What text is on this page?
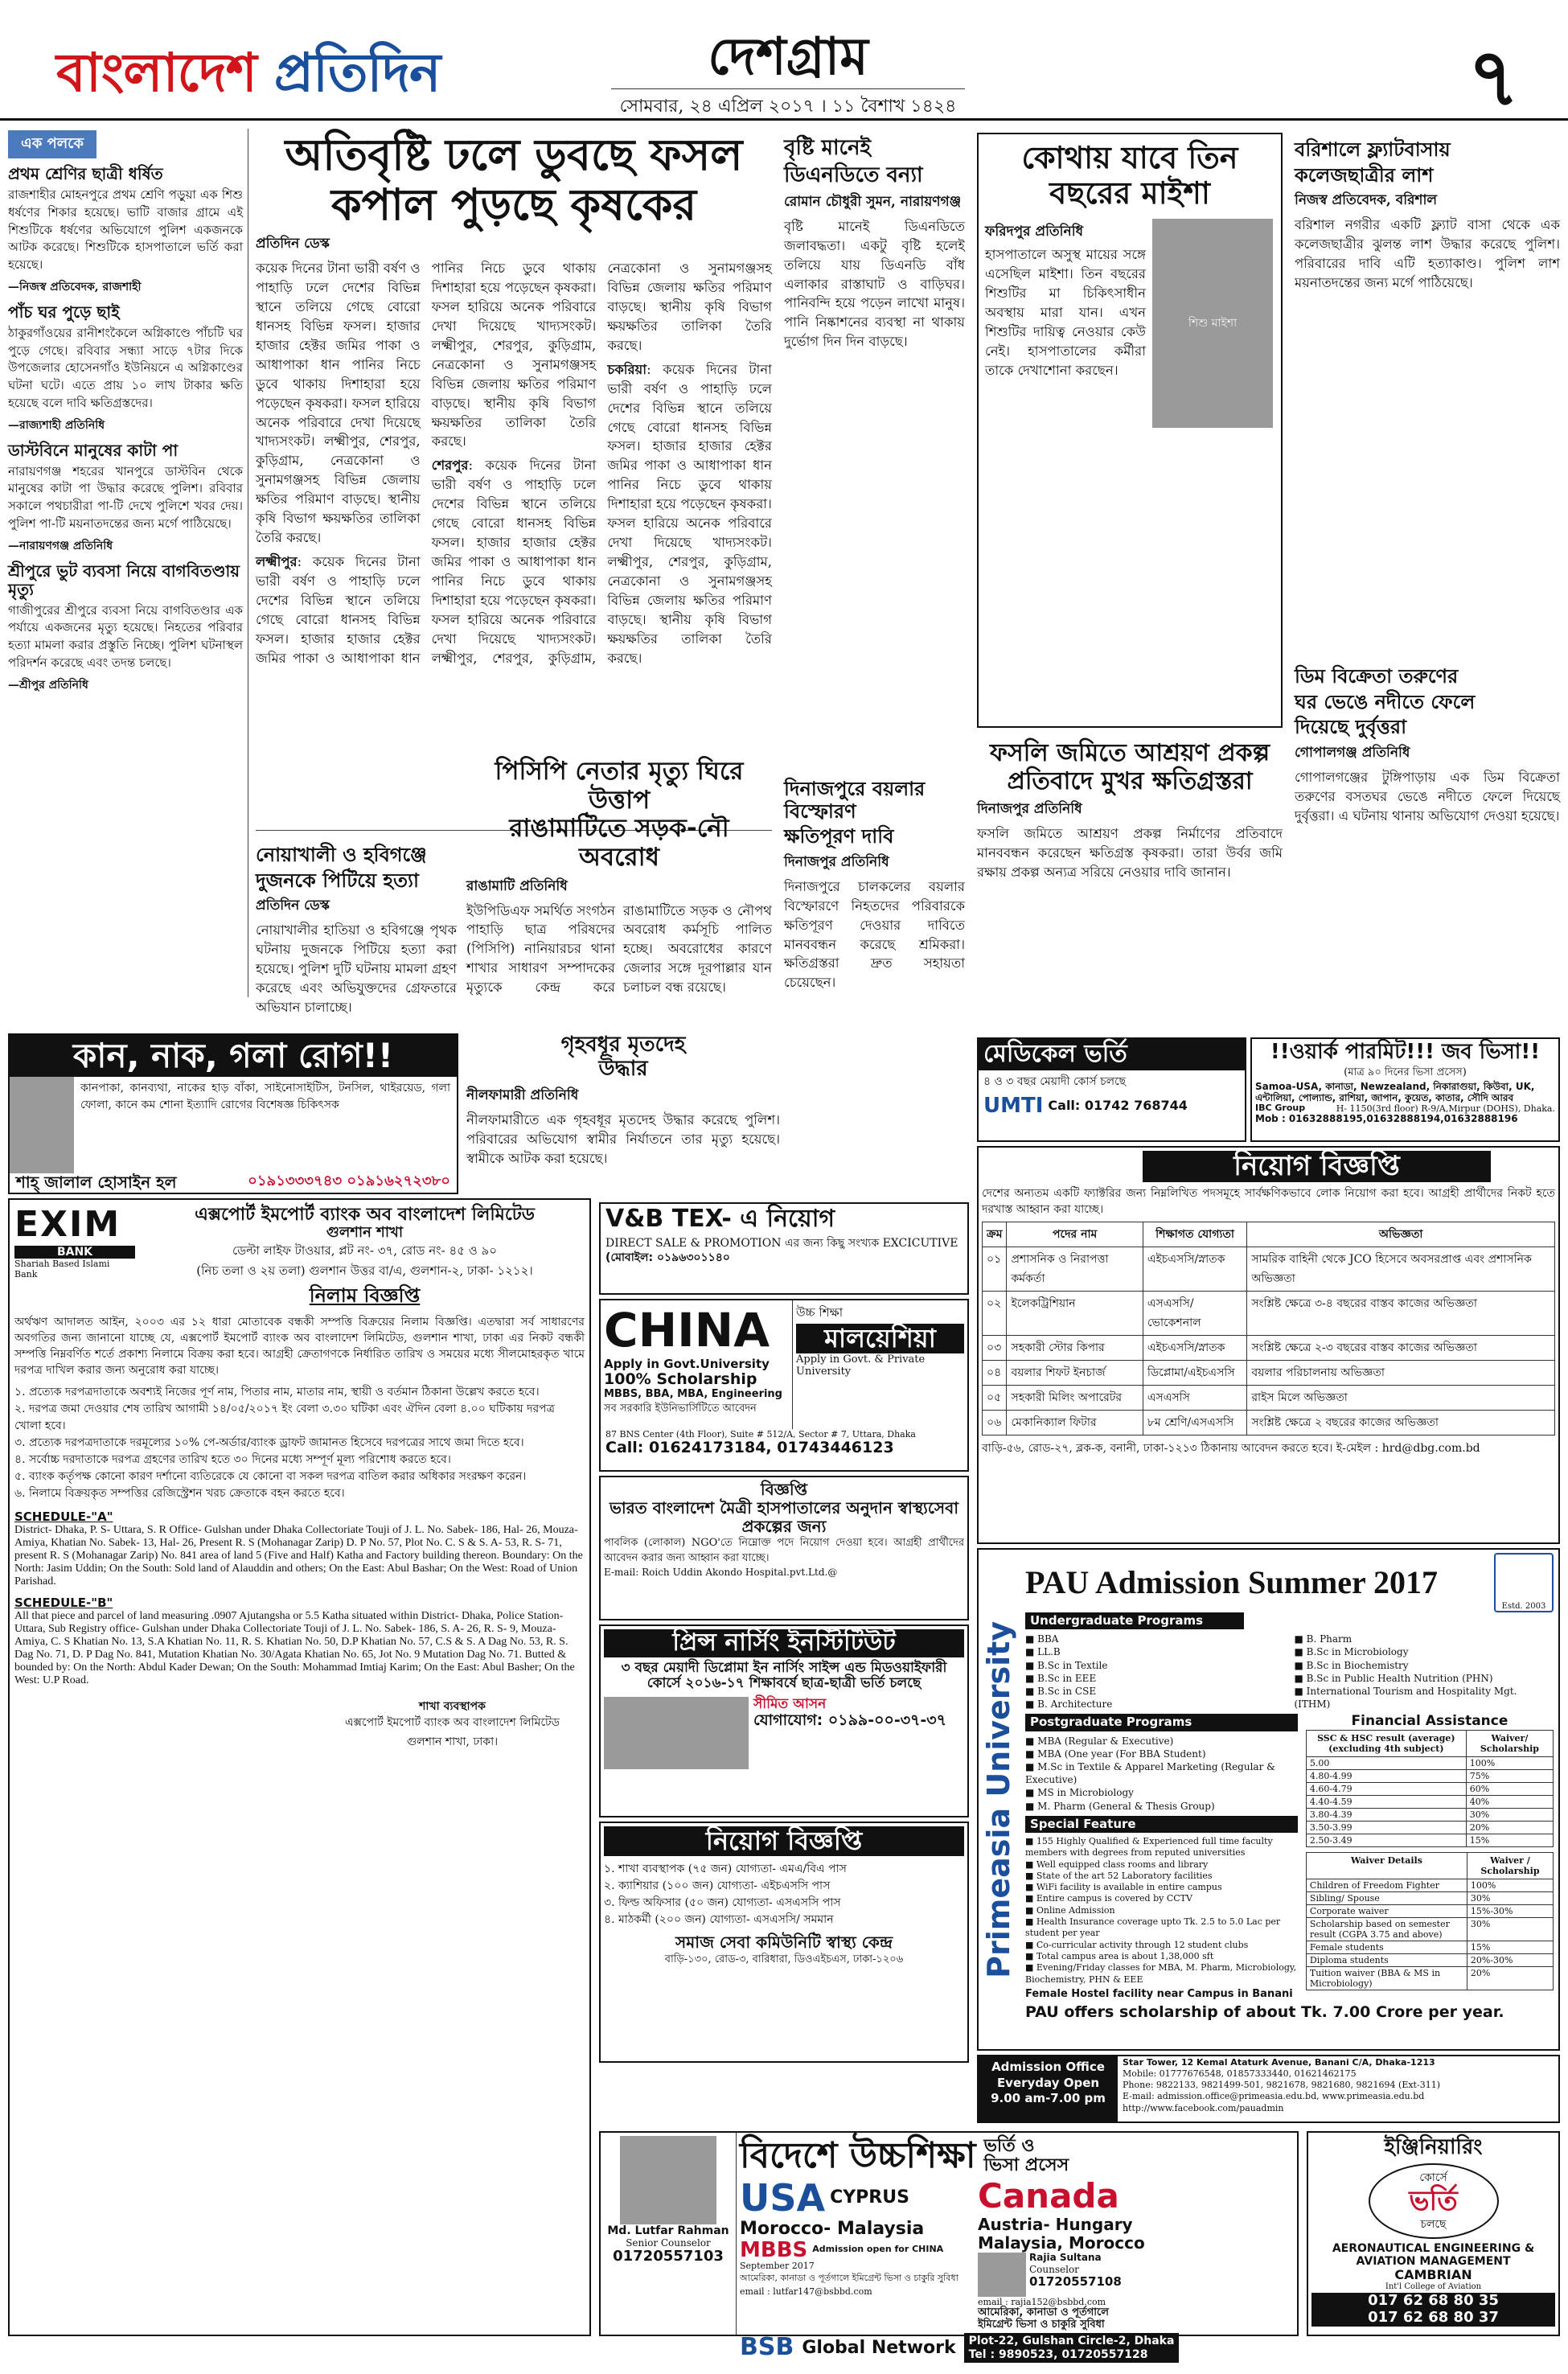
বাংলাদেশ প্রতিদিন	দেশগ্রাম
সোমবার, ২৪ এপ্রিল ২০১৭ । ১১ বৈশাখ ১৪২৪	৭
এক পলকে
প্রথম শ্রেণির ছাত্রী ধর্ষিত
রাজশাহীর মোহনপুরে প্রথম শ্রেণি পড়ুয়া এক শিশু ধর্ষণের শিকার হয়েছে। ভাটি বাজার গ্রামে এই শিশুটিকে ধর্ষণের অভিযোগে পুলিশ একজনকে আটক করেছে। শিশুটিকে হাসপাতালে ভর্তি করা হয়েছে।
—নিজস্ব প্রতিবেদক, রাজশাহী
পাঁচ ঘর পুড়ে ছাই
ঠাকুরগাঁওয়ের রানীশংকৈলে অগ্নিকাণ্ডে পাঁচটি ঘর পুড়ে গেছে। রবিবার সন্ধ্যা সাড়ে ৭টার দিকে উপজেলার হোসেনগাঁও ইউনিয়নে এ অগ্নিকাণ্ডের ঘটনা ঘটে। এতে প্রায় ১০ লাখ টাকার ক্ষতি হয়েছে বলে দাবি ক্ষতিগ্রস্তদের।
—রাজ্যশাহী প্রতিনিধি
ডাস্টবিনে মানুষের কাটা পা
নারায়ণগঞ্জ শহরের খানপুরে ডাস্টবিন থেকে মানুষের কাটা পা উদ্ধার করেছে পুলিশ। রবিবার সকালে পথচারীরা পা-টি দেখে পুলিশে খবর দেয়। পুলিশ পা-টি ময়নাতদন্তের জন্য মর্গে পাঠিয়েছে।
—নারায়ণগঞ্জ প্রতিনিধি
শ্রীপুরে ভুট ব্যবসা নিয়ে বাগবিতণ্ডায় মৃত্যু
গাজীপুরের শ্রীপুরে ব্যবসা নিয়ে বাগবিতণ্ডার এক পর্যায়ে একজনের মৃত্যু হয়েছে। নিহতের পরিবার হত্যা মামলা করার প্রস্তুতি নিচ্ছে। পুলিশ ঘটনাস্থল পরিদর্শন করেছে এবং তদন্ত চলছে।
—শ্রীপুর প্রতিনিধি
অতিবৃষ্টি ঢলে ডুবছে ফসল
কপাল পুড়ছে কৃষকের
প্রতিদিন ডেস্ক

কয়েক দিনের টানা ভারী বর্ষণ ও পাহাড়ি ঢলে দেশের বিভিন্ন স্থানে তলিয়ে গেছে বোরো ধানসহ বিভিন্ন ফসল। হাজার হাজার হেক্টর জমির পাকা ও আধাপাকা ধান পানির নিচে ডুবে থাকায় দিশাহারা হয়ে পড়েছেন কৃষকরা। ফসল হারিয়ে অনেক পরিবারে দেখা দিয়েছে খাদ্যসংকট। লক্ষ্মীপুর, শেরপুর, কুড়িগ্রাম, নেত্রকোনা ও সুনামগঞ্জসহ বিভিন্ন জেলায় ক্ষতির পরিমাণ বাড়ছে। স্থানীয় কৃষি বিভাগ ক্ষয়ক্ষতির তালিকা তৈরি করছে।

লক্ষ্মীপুর: কয়েক দিনের টানা ভারী বর্ষণ ও পাহাড়ি ঢলে দেশের বিভিন্ন স্থানে তলিয়ে গেছে বোরো ধানসহ বিভিন্ন ফসল। হাজার হাজার হেক্টর জমির পাকা ও আধাপাকা ধান পানির নিচে ডুবে থাকায় দিশাহারা হয়ে পড়েছেন কৃষকরা। ফসল হারিয়ে অনেক পরিবারে দেখা দিয়েছে খাদ্যসংকট। লক্ষ্মীপুর, শেরপুর, কুড়িগ্রাম, নেত্রকোনা ও সুনামগঞ্জসহ বিভিন্ন জেলায় ক্ষতির পরিমাণ বাড়ছে। স্থানীয় কৃষি বিভাগ ক্ষয়ক্ষতির তালিকা তৈরি করছে।

শেরপুর: কয়েক দিনের টানা ভারী বর্ষণ ও পাহাড়ি ঢলে দেশের বিভিন্ন স্থানে তলিয়ে গেছে বোরো ধানসহ বিভিন্ন ফসল। হাজার হাজার হেক্টর জমির পাকা ও আধাপাকা ধান পানির নিচে ডুবে থাকায় দিশাহারা হয়ে পড়েছেন কৃষকরা। ফসল হারিয়ে অনেক পরিবারে দেখা দিয়েছে খাদ্যসংকট। লক্ষ্মীপুর, শেরপুর, কুড়িগ্রাম, নেত্রকোনা ও সুনামগঞ্জসহ বিভিন্ন জেলায় ক্ষতির পরিমাণ বাড়ছে। স্থানীয় কৃষি বিভাগ ক্ষয়ক্ষতির তালিকা তৈরি করছে।

চকরিয়া: কয়েক দিনের টানা ভারী বর্ষণ ও পাহাড়ি ঢলে দেশের বিভিন্ন স্থানে তলিয়ে গেছে বোরো ধানসহ বিভিন্ন ফসল। হাজার হাজার হেক্টর জমির পাকা ও আধাপাকা ধান পানির নিচে ডুবে থাকায় দিশাহারা হয়ে পড়েছেন কৃষকরা। ফসল হারিয়ে অনেক পরিবারে দেখা দিয়েছে খাদ্যসংকট। লক্ষ্মীপুর, শেরপুর, কুড়িগ্রাম, নেত্রকোনা ও সুনামগঞ্জসহ বিভিন্ন জেলায় ক্ষতির পরিমাণ বাড়ছে। স্থানীয় কৃষি বিভাগ ক্ষয়ক্ষতির তালিকা তৈরি করছে।

নোয়াখালী ও হবিগঞ্জে
দুজনকে পিটিয়ে হত্যা
প্রতিদিন ডেস্ক
নোয়াখালীর হাতিয়া ও হবিগঞ্জে পৃথক ঘটনায় দুজনকে পিটিয়ে হত্যা করা হয়েছে। পুলিশ দুটি ঘটনায় মামলা গ্রহণ করেছে এবং অভিযুক্তদের গ্রেফতারে অভিযান চালাচ্ছে।
পিসিপি নেতার মৃত্যু ঘিরে উত্তাপ
রাঙামাটিতে সড়ক-নৌ অবরোধ
রাঙামাটি প্রতিনিধি
ইউপিডিএফ সমর্থিত সংগঠন পাহাড়ি ছাত্র পরিষদের (পিসিপি) নানিয়ারচর থানা শাখার সাধারণ সম্পাদকের মৃত্যুকে কেন্দ্র করে রাঙামাটিতে সড়ক ও নৌপথ অবরোধ কর্মসূচি পালিত হচ্ছে। অবরোধের কারণে জেলার সঙ্গে দূরপাল্লার যান চলাচল বন্ধ রয়েছে।
বৃষ্টি মানেই
ডিএনডিতে বন্যা
রোমান চৌধুরী সুমন, নারায়ণগঞ্জ
বৃষ্টি মানেই ডিএনডিতে জলাবদ্ধতা। একটু বৃষ্টি হলেই তলিয়ে যায় ডিএনডি বাঁধ এলাকার রাস্তাঘাট ও বাড়িঘর। পানিবন্দি হয়ে পড়েন লাখো মানুষ। পানি নিষ্কাশনের ব্যবস্থা না থাকায় দুর্ভোগ দিন দিন বাড়ছে।
দিনাজপুরে বয়লার বিস্ফোরণ
ক্ষতিপূরণ দাবি
দিনাজপুর প্রতিনিধি
দিনাজপুরে চালকলের বয়লার বিস্ফোরণে নিহতদের পরিবারকে ক্ষতিপূরণ দেওয়ার দাবিতে মানববন্ধন করেছে শ্রমিকরা। ক্ষতিগ্রস্তরা দ্রুত সহায়তা চেয়েছেন।
কোথায় যাবে তিন
বছরের মাইশা
ফরিদপুর প্রতিনিধি
হাসপাতালে অসুস্থ মায়ের সঙ্গে এসেছিল মাইশা। তিন বছরের শিশুটির মা চিকিৎসাধীন অবস্থায় মারা যান। এখন শিশুটির দায়িত্ব নেওয়ার কেউ নেই। হাসপাতালের কর্মীরা তাকে দেখাশোনা করছেন।
শিশু মাইশা
বরিশালে ফ্ল্যাটবাসায়
কলেজছাত্রীর লাশ
নিজস্ব প্রতিবেদক, বরিশাল
বরিশাল নগরীর একটি ফ্ল্যাট বাসা থেকে এক কলেজছাত্রীর ঝুলন্ত লাশ উদ্ধার করেছে পুলিশ। পরিবারের দাবি এটি হত্যাকাণ্ড। পুলিশ লাশ ময়নাতদন্তের জন্য মর্গে পাঠিয়েছে।
ডিম বিক্রেতা তরুণের
ঘর ভেঙে নদীতে ফেলে
দিয়েছে দুর্বৃত্তরা
গোপালগঞ্জ প্রতিনিধি
গোপালগঞ্জের টুঙ্গিপাড়ায় এক ডিম বিক্রেতা তরুণের বসতঘর ভেঙে নদীতে ফেলে দিয়েছে দুর্বৃত্তরা। এ ঘটনায় থানায় অভিযোগ দেওয়া হয়েছে।
ফসলি জমিতে আশ্রয়ণ প্রকল্প
প্রতিবাদে মুখর ক্ষতিগ্রস্তরা
দিনাজপুর প্রতিনিধি
ফসলি জমিতে আশ্রয়ণ প্রকল্প নির্মাণের প্রতিবাদে মানববন্ধন করেছেন ক্ষতিগ্রস্ত কৃষকরা। তারা উর্বর জমি রক্ষায় প্রকল্প অন্যত্র সরিয়ে নেওয়ার দাবি জানান।
গৃহবধূর মৃতদেহ
উদ্ধার
নীলফামারী প্রতিনিধি
নীলফামারীতে এক গৃহবধূর মৃতদেহ উদ্ধার করেছে পুলিশ। পরিবারের অভিযোগ স্বামীর নির্যাতনে তার মৃত্যু হয়েছে। স্বামীকে আটক করা হয়েছে।
কান, নাক, গলা রোগ!!
কানপাকা, কানব্যথা, নাকের হাড় বাঁকা, সাইনোসাইটিস, টনসিল, থাইরয়েড, গলা ফোলা, কানে কম শোনা ইত্যাদি রোগের বিশেষজ্ঞ চিকিৎসক
শাহ্ জালাল হোসাইন হল	০১৯১৩৩৩৭৪৩ ০১৯১৬২৭২৩৮০
V&B TEX- এ নিয়োগ
DIRECT SALE & PROMOTION এর জন্য কিছু সংখ্যক EXCICUTIVE
(মোবাইল: ০১৯৬৩০১১৪০
CHINA
Apply in Govt.University
100% Scholarship
MBBS, BBA, MBA, Engineering
সব সরকারি ইউনিভার্সিটিতে আবেদন
উচ্চ শিক্ষা
মালয়েশিয়া
Apply in Govt. & Private University
87 BNS Center (4th Floor), Suite # 512/A, Sector # 7, Uttara, Dhaka
Call: 01624173184, 01743446123
বিজ্ঞপ্তি
ভারত বাংলাদেশ মৈত্রী হাসপাতালের অনুদান স্বাস্থ্যসেবা প্রকল্পের জন্য
পাবলিক (লোকাল) NGO'তে নিম্নোক্ত পদে নিয়োগ দেওয়া হবে। আগ্রহী প্রার্থীদের আবেদন করার জন্য আহ্বান করা যাচ্ছে।
E-mail: Roich Uddin Akondo Hospital.pvt.Ltd.@
প্রিন্স নার্সিং ইনস্টিটিউট
৩ বছর মেয়াদী ডিপ্লোমা ইন নার্সিং সাইন্স এন্ড মিডওয়াইফারী কোর্সে ২০১৬-১৭ শিক্ষাবর্ষে ছাত্র-ছাত্রী ভর্তি চলছে
সীমিত আসন
যোগাযোগ: ০১৯৯-০০-৩৭-৩৭
নিয়োগ বিজ্ঞপ্তি
১. শাখা ব্যবস্থাপক (৭৫ জন) যোগ্যতা- এমএ/বিএ পাস
২. ক্যাশিয়ার (১০০ জন) যোগ্যতা- এইচএসসি পাস
৩. ফিল্ড অফিসার (৫০ জন) যোগ্যতা- এসএসসি পাস
৪. মাঠকর্মী (২০০ জন) যোগ্যতা- এসএসসি/ সমমান
সমাজ সেবা কমিউনিটি স্বাস্থ্য কেন্দ্র
বাড়ি-১৩০, রোড-৩, বারিধারা, ডিওএইচএস, ঢাকা-১২০৬
মেডিকেল ভর্তি
৪ ও ৩ বছর মেয়াদী কোর্স চলছে
UMTI Call: 01742 768744
!!ওয়ার্ক পারমিট!!! জব ভিসা!!
(মাত্র ৯০ দিনের ভিসা প্রসেস)
Samoa-USA, কানাডা, Newzealand, নিকারাগুয়া, কিউবা, UK, এন্টালিয়া, পোল্যান্ড, রাশিয়া, জাপান, কুয়েত, কাতার, সৌদি আরব
IBC Group	H- 1150(3rd floor) R-9/A,Mirpur (DOHS), Dhaka.
Mob : 01632888195,01632888194,01632888196
নিয়োগ বিজ্ঞপ্তি
দেশের অন্যতম একটি ফ্যাক্টরির জন্য নিম্নলিখিত পদসমূহে সার্বক্ষণিকভাবে লোক নিয়োগ করা হবে। আগ্রহী প্রার্থীদের নিকট হতে দরখাস্ত আহ্বান করা যাচ্ছে।
ক্রম	পদের নাম	শিক্ষাগত যোগ্যতা	অভিজ্ঞতা
০১	প্রশাসনিক ও নিরাপত্তা কর্মকর্তা	এইচএসসি/স্নাতক	সামরিক বাহিনী থেকে JCO হিসেবে অবসরপ্রাপ্ত এবং প্রশাসনিক অভিজ্ঞতা
০২	ইলেকট্রিশিয়ান	এসএসসি/ভোকেশনাল	সংশ্লিষ্ট ক্ষেত্রে ৩-৪ বছরের বাস্তব কাজের অভিজ্ঞতা
০৩	সহকারী স্টোর কিপার	এইচএসসি/স্নাতক	সংশ্লিষ্ট ক্ষেত্রে ২-৩ বছরের বাস্তব কাজের অভিজ্ঞতা
০৪	বয়লার শিফট ইনচার্জ	ডিপ্লোমা/এইচএসসি	বয়লার পরিচালনায় অভিজ্ঞতা
০৫	সহকারী মিলিং অপারেটর	এসএসসি	রাইস মিলে অভিজ্ঞতা
০৬	মেকানিক্যাল ফিটার	৮ম শ্রেণি/এসএসসি	সংশ্লিষ্ট ক্ষেত্রে ২ বছরের কাজের অভিজ্ঞতা
বাড়ি-৫৬, রোড-২৭, ব্লক-ক, বনানী, ঢাকা-১২১৩ ঠিকানায় আবেদন করতে হবে। ই-মেইল : hrd@dbg.com.bd
EXIM
BANK
Shariah Based Islami Bank
এক্সপোর্ট ইমপোর্ট ব্যাংক অব বাংলাদেশ লিমিটেড
গুলশান শাখা
ডেল্টা লাইফ টাওয়ার, প্লট নং- ৩৭, রোড নং- ৪৫ ও ৯০
(নিচ তলা ও ২য় তলা) গুলশান উত্তর বা/এ, গুলশান-২, ঢাকা- ১২১২।
নিলাম বিজ্ঞপ্তি
অর্থঋণ আদালত আইন, ২০০৩ এর ১২ ধারা মোতাবেক বন্ধকী সম্পত্তি বিক্রয়ের নিলাম বিজ্ঞপ্তি। এতদ্বারা সর্ব সাধারণের অবগতির জন্য জানানো যাচ্ছে যে, এক্সপোর্ট ইমপোর্ট ব্যাংক অব বাংলাদেশ লিমিটেড, গুলশান শাখা, ঢাকা এর নিকট বন্ধকী সম্পত্তি নিম্নবর্ণিত শর্তে প্রকাশ্য নিলামে বিক্রয় করা হবে। আগ্রহী ক্রেতাগণকে নির্ধারিত তারিখ ও সময়ের মধ্যে সীলমোহরকৃত খামে দরপত্র দাখিল করার জন্য অনুরোধ করা যাচ্ছে।
১. প্রত্যেক দরপত্রদাতাকে অবশ্যই নিজের পূর্ণ নাম, পিতার নাম, মাতার নাম, স্থায়ী ও বর্তমান ঠিকানা উল্লেখ করতে হবে।
২. দরপত্র জমা দেওয়ার শেষ তারিখ আগামী ১৪/০৫/২০১৭ ইং বেলা ৩.৩০ ঘটিকা এবং ঐদিন বেলা ৪.০০ ঘটিকায় দরপত্র খোলা হবে।
৩. প্রত্যেক দরপত্রদাতাকে দরমূল্যের ১০% পে-অর্ডার/ব্যাংক ড্রাফট জামানত হিসেবে দরপত্রের সাথে জমা দিতে হবে।
৪. সর্বোচ্চ দরদাতাকে দরপত্র গ্রহণের তারিখ হতে ৩০ দিনের মধ্যে সম্পূর্ণ মূল্য পরিশোধ করতে হবে।
৫. ব্যাংক কর্তৃপক্ষ কোনো কারণ দর্শানো ব্যতিরেকে যে কোনো বা সকল দরপত্র বাতিল করার অধিকার সংরক্ষণ করেন।
৬. নিলামে বিক্রয়কৃত সম্পত্তির রেজিস্ট্রেশন খরচ ক্রেতাকে বহন করতে হবে।
SCHEDULE-"A"
District- Dhaka, P. S- Uttara, S. R Office- Gulshan under Dhaka Collectoriate Touji of J. L. No. Sabek- 186, Hal- 26, Mouza- Amiya, Khatian No. Sabek- 13, Hal- 26, Present R. S (Mohanagar Zarip) D. P No. 57, Plot No. C. S & S. A- 53, R. S- 71, present R. S (Mohanagar Zarip) No. 841 area of land 5 (Five and Half) Katha and Factory building thereon. Boundary: On the North: Jasim Uddin; On the South: Sold land of Alauddin and others; On the East: Abul Bashar; On the West: Road of Union Parishad.
SCHEDULE-"B"
All that piece and parcel of land measuring .0907 Ajutangsha or 5.5 Katha situated within District- Dhaka, Police Station- Uttara, Sub Registry office- Gulshan under Dhaka Collectoriate Touji of J. L. No. Sabek- 186, S. A- 26, R. S- 9, Mouza- Amiya, C. S Khatian No. 13, S.A Khatian No. 11, R. S. Khatian No. 50, D.P Khatian No. 57, C.S & S. A Dag No. 53, R. S. Dag No. 71, D. P Dag No. 841, Mutation Khatian No. 30/Agata Khatian No. 65, Jot No. 9 Mutation Dag No. 71. Butted & bounded by: On the North: Abdul Kader Dewan; On the South: Mohammad Imtiaj Karim; On the East: Abul Basher; On the West: U.P Road.
শাখা ব্যবস্থাপক
এক্সপোর্ট ইমপোর্ট ব্যাংক অব বাংলাদেশ লিমিটেড
গুলশান শাখা, ঢাকা।	Primeasia University
PAU Admission Summer 2017
Estd. 2003
Undergraduate Programs
■ BBA
■ LL.B
■ B.Sc in Textile
■ B.Sc in EEE
■ B.Sc in CSE
■ B. Architecture
■ B. Pharm
■ B.Sc in Microbiology
■ B.Sc in Biochemistry
■ B.Sc in Public Health Nutrition (PHN)
■ International Tourism and Hospitality Mgt. (ITHM)
Postgraduate Programs
■ MBA (Regular & Executive)
■ MBA (One year (For BBA Student)
■ M.Sc in Textile & Apparel Marketing (Regular & Executive)
■ MS in Microbiology
■ M. Pharm (General & Thesis Group)
Special Feature
■ 155 Highly Qualified & Experienced full time faculty members with degrees from reputed universities
■ Well equipped class rooms and library
■ State of the art 52 Laboratory facilities
■ WiFi facility is available in entire campus
■ Entire campus is covered by CCTV
■ Online Admission
■ Health Insurance coverage upto Tk. 2.5 to 5.0 Lac per student per year
■ Co-curricular activity through 12 student clubs
■ Total campus area is about 1,38,000 sft
■ Evening/Friday classes for MBA, M. Pharm, Microbiology, Biochemistry, PHN & EEE
Female Hostel facility near Campus in Banani
Financial Assistance
SSC & HSC result (average) (excluding 4th subject)	Waiver/ Scholarship
5.00	100%
4.80-4.99	75%
4.60-4.79	60%
4.40-4.59	40%
3.80-4.39	30%
3.50-3.99	20%
2.50-3.49	15%
Waiver Details	Waiver / Scholarship
Children of Freedom Fighter	100%
Sibling/ Spouse	30%
Corporate waiver	15%-30%
Scholarship based on semester result (CGPA 3.75 and above)	30%
Female students	15%
Diploma students	20%-30%
Tuition waiver (BBA & MS in Microbiology)	20%
PAU offers scholarship of about Tk. 7.00 Crore per year.
Admission Office
Everyday Open
9.00 am-7.00 pm
Star Tower, 12 Kemal Ataturk Avenue, Banani C/A, Dhaka-1213
Mobile: 01777676548, 01857333440, 01621462175
Phone: 9822133, 9821499-501, 9821678, 9821680, 9821694 (Ext-311)
E-mail: admission.office@primeasia.edu.bd, www.primeasia.edu.bd
http://www.facebook.com/pauadmin
Md. Lutfar Rahman
Senior Counselor
01720557103
বিদেশে উচ্চশিক্ষা ভর্তি ও
ভিসা প্রসেস
USA CYPRUS
Morocco- Malaysia
MBBS Admission open for CHINA
September 2017
আমেরিকা, কানাডা ও পূর্তগালে ইমিগ্রেন্ট ভিসা ও চাকুরি সুবিধা
email : lutfar147@bsbbd.com
Canada
Austria- Hungary
Malaysia, Morocco
Rajia Sultana
Counselor
01720557108
email : rajia152@bsbbd.com
আমেরিকা, কানাডা ও পূর্তগালে
ইমিগ্রেন্ট ভিসা ও চাকুরি সুবিধা
BSB Global Network	Plot-22, Gulshan Circle-2, Dhaka
Tel : 9890523, 01720557128
ইঞ্জিনিয়ারিং
কোর্সে
ভর্তি
চলছে
AERONAUTICAL ENGINEERING & AVIATION MANAGEMENT
CAMBRIAN
Int'l College of Aviation
017 62 68 80 35
017 62 68 80 37
